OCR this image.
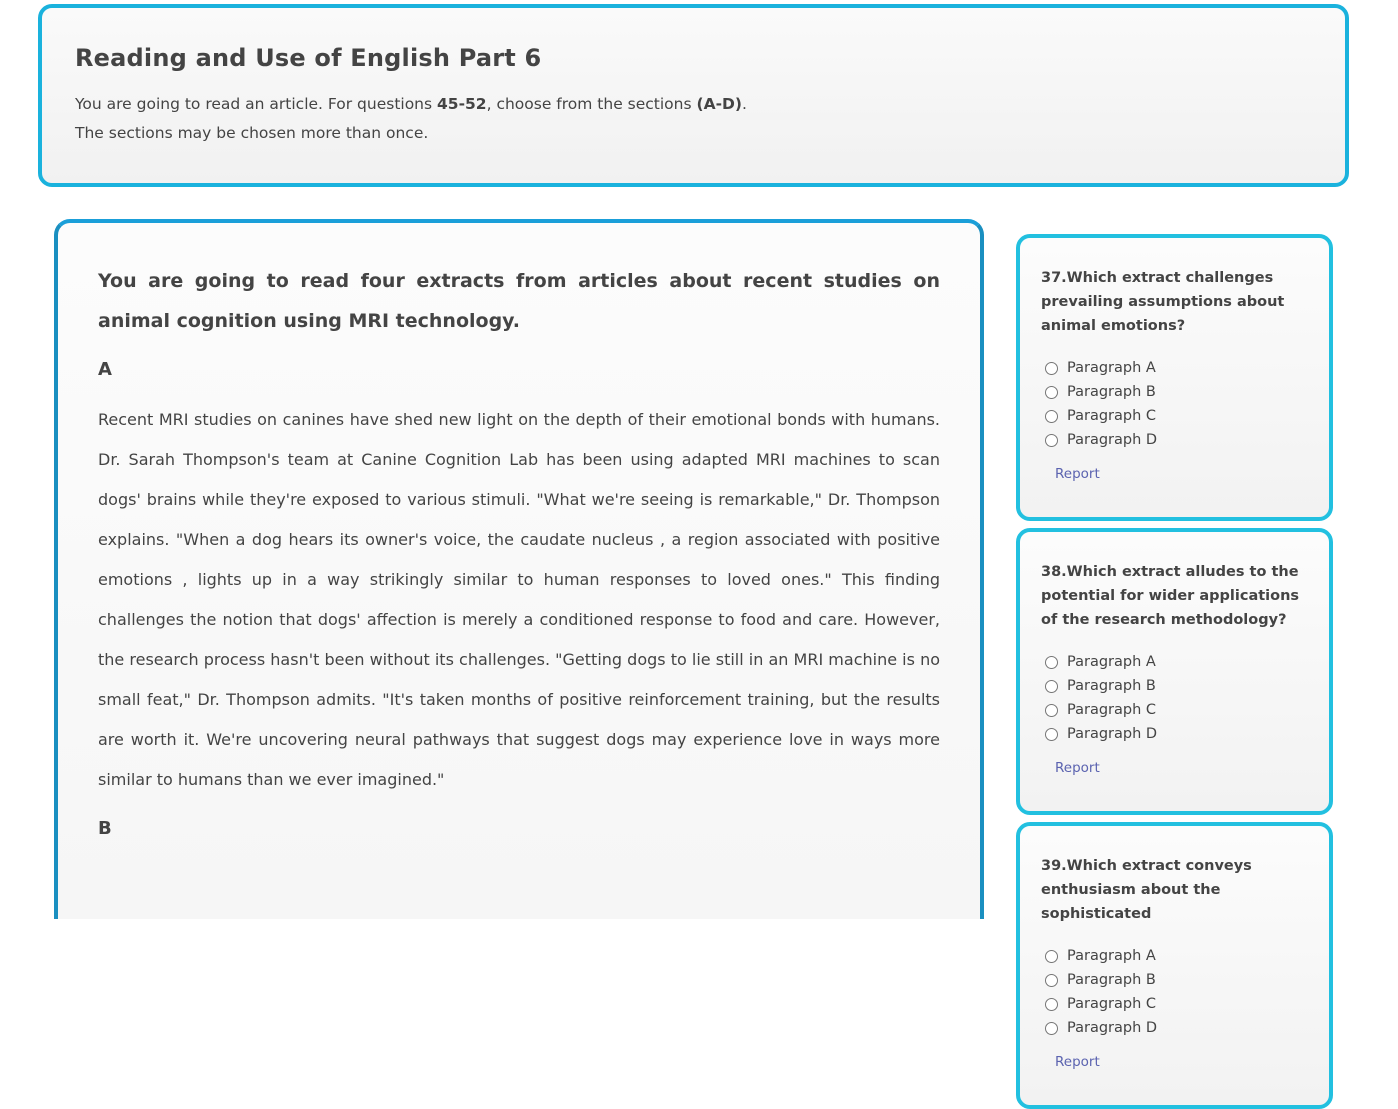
Reading and Use of English Part 6
You are going to read an article. For questions 45-52, choose from the sections (A-D).
The sections may be chosen more than once.

You are going to read four extracts from articles about recent studies on animal cognition using MRI technology.

A

Recent MRI studies on canines have shed new light on the depth of their emotional bonds with humans. Dr. Sarah Thompson's team at Canine Cognition Lab has been using adapted MRI machines to scan dogs' brains while they're exposed to various stimuli. "What we're seeing is remarkable," Dr. Thompson explains. "When a dog hears its owner's voice, the caudate nucleus , a region associated with positive emotions , lights up in a way strikingly similar to human responses to loved ones." This finding challenges the notion that dogs' affection is merely a conditioned response to food and care. However, the research process hasn't been without its challenges. "Getting dogs to lie still in an MRI machine is no small feat," Dr. Thompson admits. "It's taken months of positive reinforcement training, but the results are worth it. We're uncovering neural pathways that suggest dogs may experience love in ways more similar to humans than we ever imagined."

B
37.Which extract challenges prevailing assumptions about animal emotions?
Paragraph A
Paragraph B
Paragraph C
Paragraph D
Report
38.Which extract alludes to the potential for wider applications of the research methodology?
Paragraph A
Paragraph B
Paragraph C
Paragraph D
Report
39.Which extract conveys enthusiasm about the sophisticated
Paragraph A
Paragraph B
Paragraph C
Paragraph D
Report
